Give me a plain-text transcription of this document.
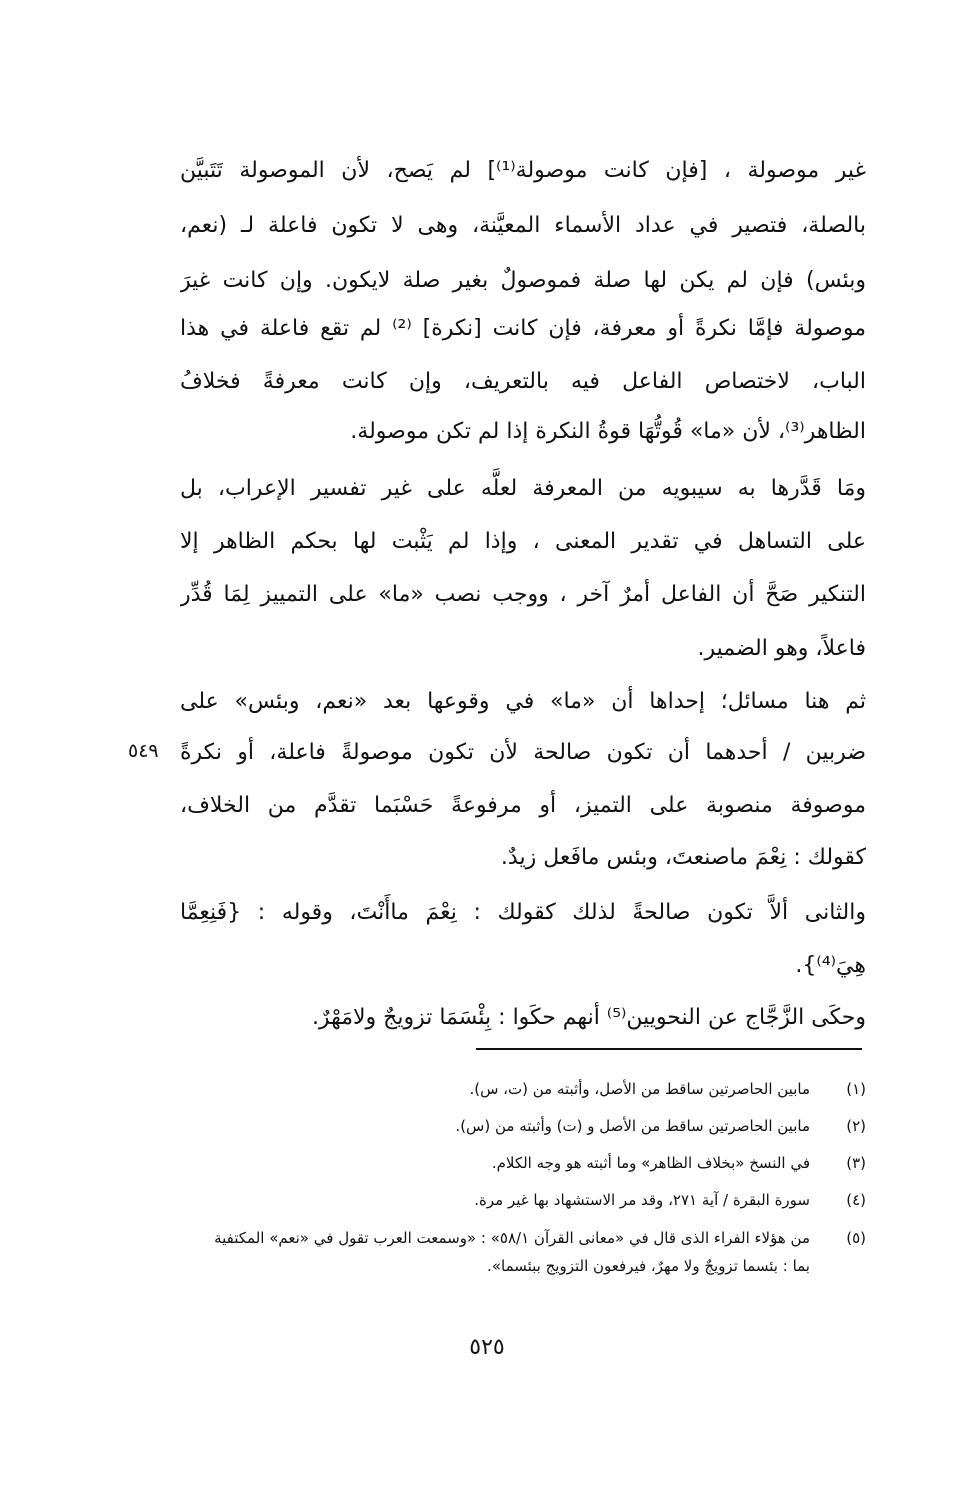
غير موصولة ، [فإن كانت موصولة⁽¹⁾] لم يَصح، لأن الموصولة تَتَبيَّن
بالصلة، فتصير في عداد الأسماء المعيَّنة، وهى لا تكون فاعلة لـ (نعم،
وبئس) فإن لم يكن لها صلة فموصولٌ بغير صلة لايكون. وإن كانت غيرَ
موصولة فإمَّا نكرةً أو معرفة، فإن كانت [نكرة] ⁽²⁾ لم تقع فاعلة في هذا
الباب، لاختصاص الفاعل فيه بالتعريف، وإن كانت معرفةً فخلافُ
الظاهر⁽³⁾، لأن «ما» قُوتُّهَا قوةُ النكرة إذا لم تكن موصولة.
ومَا قَدَّرها به سيبويه من المعرفة لعلَّه على غير تفسير الإعراب، بل
على التساهل في تقدير المعنى ، وإذا لم يَثْبت لها بحكم الظاهر إلا
التنكير صَحَّ أن الفاعل أمرٌ آخر ، ووجب نصب «ما» على التمييز لِمَا قُدِّر
فاعلاً، وهو الضمير.
ثم هنا مسائل؛ إحداها أن «ما» في وقوعها بعد «نعم، وبئس» على
ضربين / أحدهما أن تكون صالحة لأن تكون موصولةً فاعلة، أو نكرةً
٥٤٩
موصوفة منصوبة على التميز، أو مرفوعةً حَسْبَما تقدَّم من الخلاف،
كقولك : نِعْمَ ماصنعتَ، وبئس مافَعل زيدٌ.
والثانى ألاَّ تكون صالحةً لذلك كقولك : نِعْمَ ماأَنْتَ، وقوله : {فَنِعِمَّا
هِيَ⁽⁴⁾}.
وحكَى الزَّجَّاج عن النحويين⁽⁵⁾ أنهم حكَوا : بِئْسَمَا تزويجٌ ولامَهْرٌ.
(١)
مابين الحاصرتين ساقط من الأصل، وأثبته من (ت، س).
(٢)
مابين الحاصرتين ساقط من الأصل و (ت) وأثبته من (س).
(٣)
في النسخ «بخلاف الظاهر» وما أثبته هو وجه الكلام.
(٤)
سورة البقرة / آية ٢٧١، وقد مر الاستشهاد بها غير مرة.
(٥)
من هؤلاء الفراء الذى قال في «معانى القرآن ٥٨/١» : «وسمعت العرب تقول في «نعم» المكتفية
بما : بئسما تزويجٌ ولا مهرٌ، فيرفعون التزويج ببئسما».
٥٢٥
